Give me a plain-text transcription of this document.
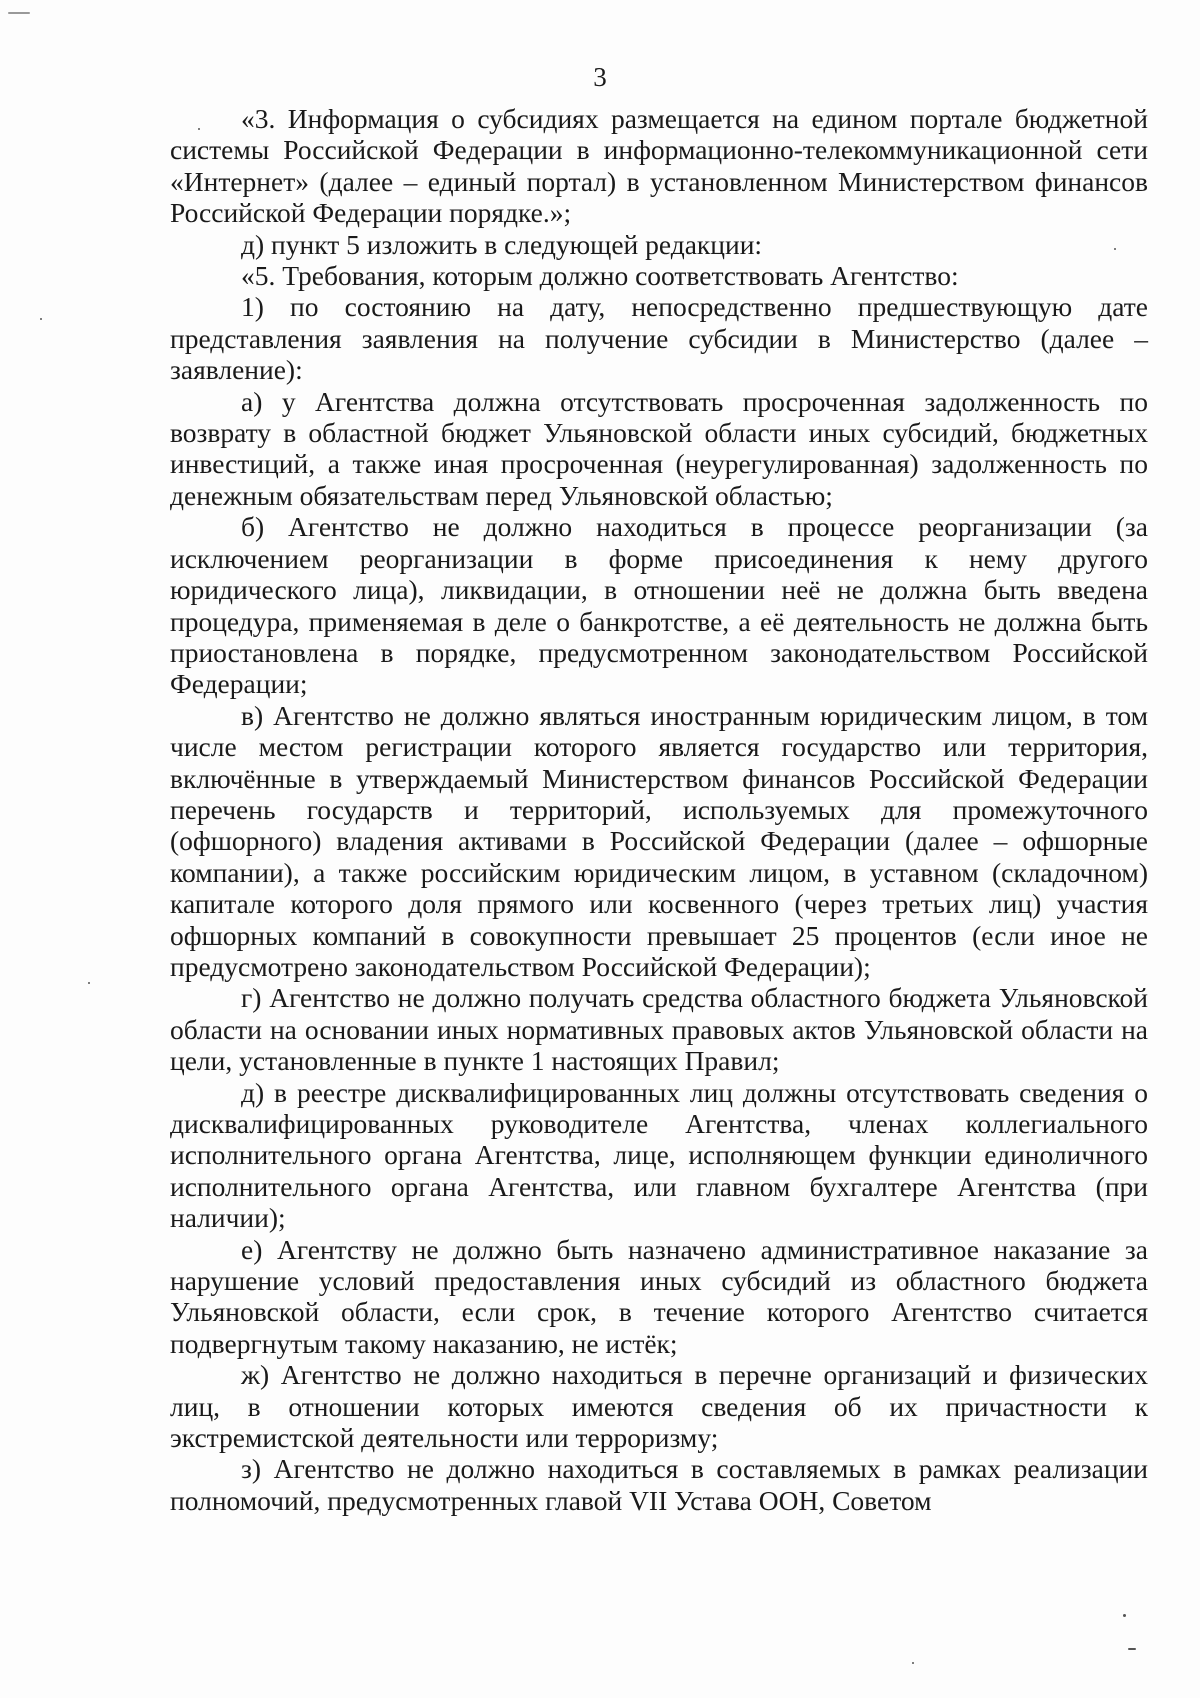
3

«3. Информация о субсидиях размещается на едином портале бюджетной системы Российской Федерации в информационно-телекоммуникационной сети «Интернет» (далее – единый портал) в установленном Министерством финансов Российской Федерации порядке.»;

д) пункт 5 изложить в следующей редакции:

«5. Требования, которым должно соответствовать Агентство:

1) по состоянию на дату, непосредственно предшествующую дате представления заявления на получение субсидии в Министерство (далее – заявление):

а) у Агентства должна отсутствовать просроченная задолженность по возврату в областной бюджет Ульяновской области иных субсидий, бюджетных инвестиций, а также иная просроченная (неурегулированная) задолженность по денежным обязательствам перед Ульяновской областью;

б) Агентство не должно находиться в процессе реорганизации (за исключением реорганизации в форме присоединения к нему другого юридического лица), ликвидации, в отношении неё не должна быть введена процедура, применяемая в деле о банкротстве, а её деятельность не должна быть приостановлена в порядке, предусмотренном законодательством Российской Федерации;

в) Агентство не должно являться иностранным юридическим лицом, в том числе местом регистрации которого является государство или территория, включённые в утверждаемый Министерством финансов Российской Федерации перечень государств и территорий, используемых для промежуточного (офшорного) владения активами в Российской Федерации (далее – офшорные компании), а также российским юридическим лицом, в уставном (складочном) капитале которого доля прямого или косвенного (через третьих лиц) участия офшорных компаний в совокупности превышает 25 процентов (если иное не предусмотрено законодательством Российской Федерации);

г) Агентство не должно получать средства областного бюджета Ульяновской области на основании иных нормативных правовых актов Ульяновской области на цели, установленные в пункте 1 настоящих Правил;

д) в реестре дисквалифицированных лиц должны отсутствовать сведения о дисквалифицированных руководителе Агентства, членах коллегиального исполнительного органа Агентства, лице, исполняющем функции единоличного исполнительного органа Агентства, или главном бухгалтере Агентства (при наличии);

е) Агентству не должно быть назначено административное наказание за нарушение условий предоставления иных субсидий из областного бюджета Ульяновской области, если срок, в течение которого Агентство считается подвергнутым такому наказанию, не истёк;

ж) Агентство не должно находиться в перечне организаций и физических лиц, в отношении которых имеются сведения об их причастности к экстремистской деятельности или терроризму;

з) Агентство не должно находиться в составляемых в рамках реализации полномочий, предусмотренных главой VII Устава ООН, Советом
